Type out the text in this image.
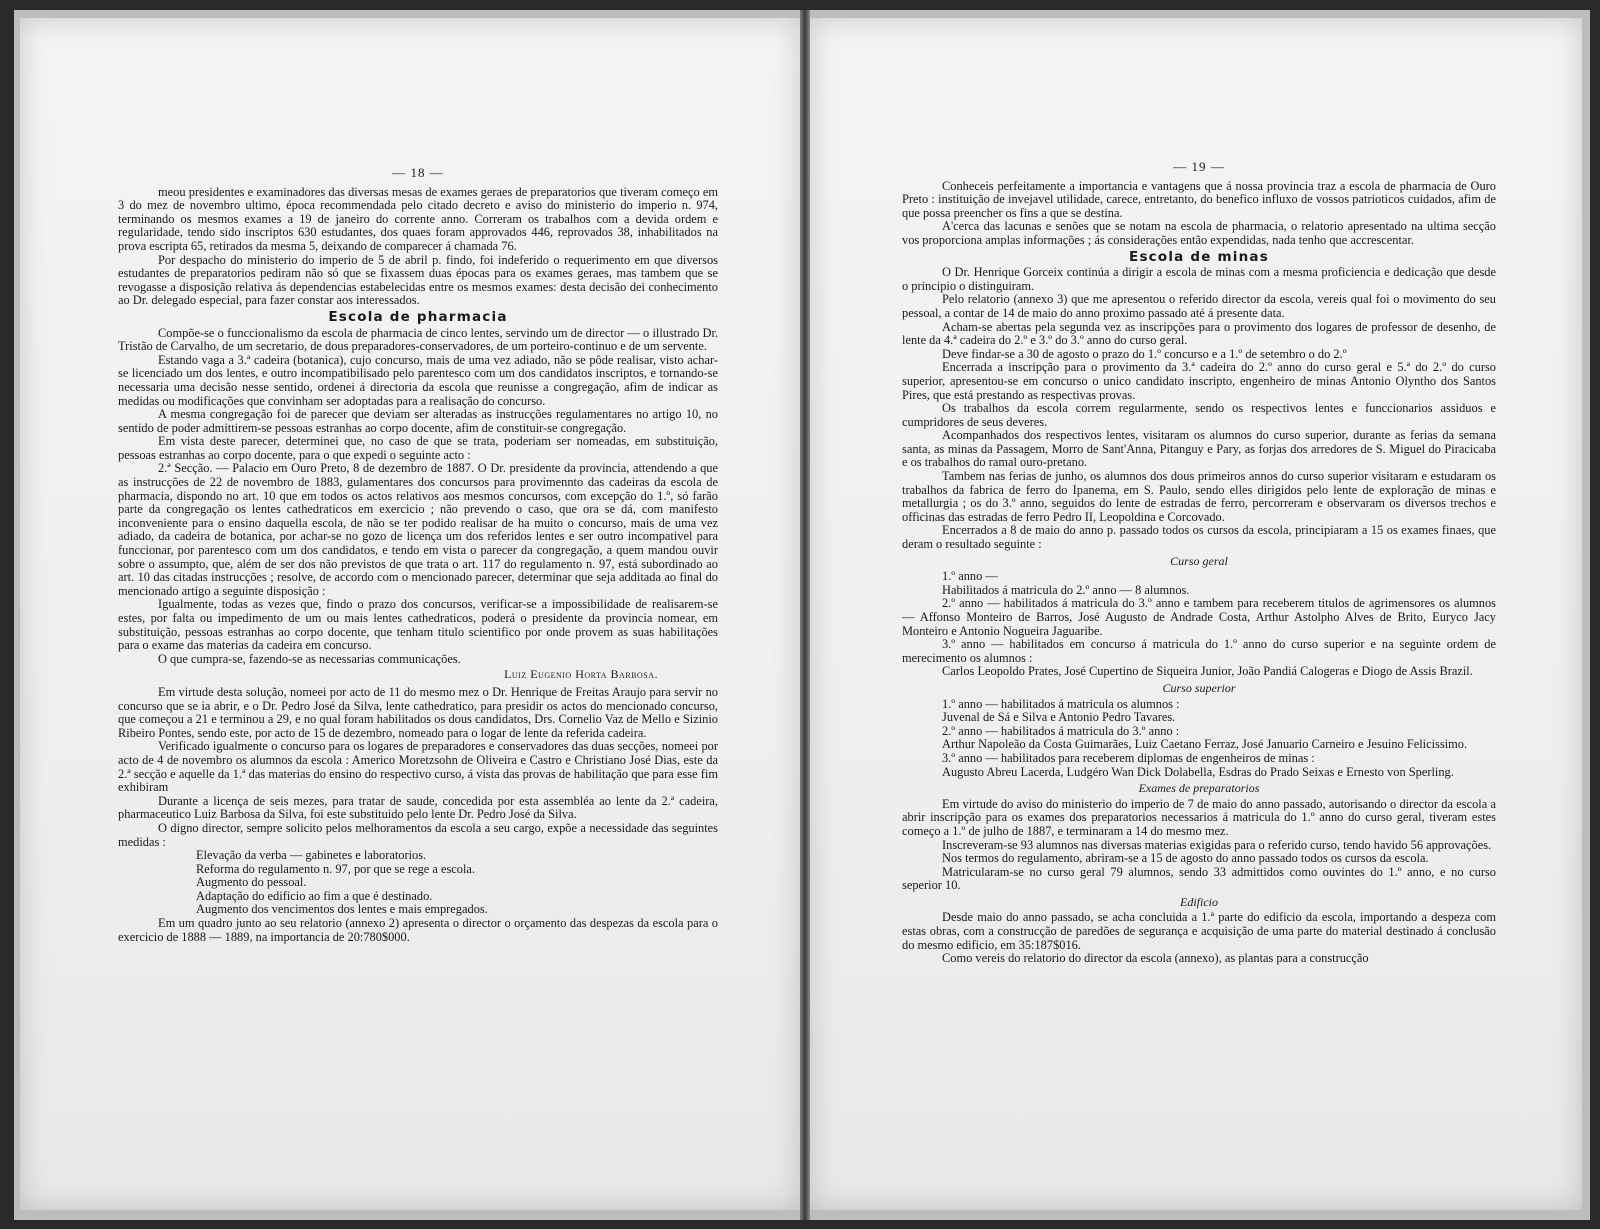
— 18 —

meou presidentes e examinadores das diversas mesas de exames geraes de preparatorios que tiveram começo em 3 do mez de novembro ultimo, época recommendada pelo citado decreto e aviso do ministerio do imperio n. 974, terminando os mesmos exames a 19 de janeiro do corrente anno. Correram os trabalhos com a devida ordem e regularidade, tendo sido inscriptos 630 estudantes, dos quaes foram approvados 446, reprovados 38, inhabilitados na prova escripta 65, retirados da mesma 5, deixando de comparecer á chamada 76.

Por despacho do ministerio do imperio de 5 de abril p. findo, foi indeferido o requerimento em que diversos estudantes de preparatorios pediram não só que se fixassem duas épocas para os exames geraes, mas tambem que se revogasse a disposição relativa ás dependencias estabelecidas entre os mesmos exames: desta decisão dei conhecimento ao Dr. delegado especial, para fazer constar aos interessados.

Escola de pharmacia

Compõe-se o funccionalismo da escola de pharmacia de cinco lentes, servindo um de director — o illustrado Dr. Tristão de Carvalho, de um secretario, de dous preparadores-conservadores, de um porteiro-continuo e de um servente.

Estando vaga a 3.ª cadeira (botanica), cujo concurso, mais de uma vez adiado, não se pôde realisar, visto achar-se licenciado um dos lentes, e outro incompatibilisado pelo parentesco com um dos candidatos inscriptos, e tornando-se necessaria uma decisão nesse sentido, ordenei á directoria da escola que reunisse a congregação, afim de indicar as medidas ou modificações que convinham ser adoptadas para a realisação do concurso.

A mesma congregação foi de parecer que deviam ser alteradas as instrucções regulamentares no artigo 10, no sentido de poder admittirem-se pessoas estranhas ao corpo docente, afim de constituir-se congregação.

Em vista deste parecer, determinei que, no caso de que se trata, poderiam ser nomeadas, em substituição, pessoas estranhas ao corpo docente, para o que expedi o seguinte acto :

2.ª Secção. — Palacio em Ouro Preto, 8 de dezembro de 1887. O Dr. presidente da provincia, attendendo a que as instrucções de 22 de novembro de 1883, gulamentares dos concursos para provimennto das cadeiras da escola de pharmacia, dispondo no art. 10 que em todos os actos relativos aos mesmos concursos, com excepção do 1.º, só farão parte da congregação os lentes cathedraticos em exercicio ; não prevendo o caso, que ora se dá, com manifesto inconveniente para o ensino daquella escola, de não se ter podido realisar de ha muito o concurso, mais de uma vez adiado, da cadeira de botanica, por achar-se no gozo de licença um dos referidos lentes e ser outro incompativel para funccionar, por parentesco com um dos candidatos, e tendo em vista o parecer da congregação, a quem mandou ouvir sobre o assumpto, que, além de ser dos não previstos de que trata o art. 117 do regulamento n. 97, está subordinado ao art. 10 das citadas instrucções ; resolve, de accordo com o mencionado parecer, determinar que seja additada ao final do mencionado artigo a seguinte disposição :

Igualmente, todas as vezes que, findo o prazo dos concursos, verificar-se a impossibilidade de realisarem-se estes, por falta ou impedimento de um ou mais lentes cathedraticos, poderá o presidente da provincia nomear, em substituição, pessoas estranhas ao corpo docente, que tenham titulo scientifico por onde provem as suas habilitações para o exame das materias da cadeira em concurso.

O que cumpra-se, fazendo-se as necessarias communicações.

Luiz Eugenio Horta Barbosa.

Em virtude desta solução, nomeei por acto de 11 do mesmo mez o Dr. Henrique de Freitas Araujo para servir no concurso que se ia abrir, e o Dr. Pedro José da Silva, lente cathedratico, para presidir os actos do mencionado concurso, que começou a 21 e terminou a 29, e no qual foram habilitados os dous candidatos, Drs. Cornelio Vaz de Mello e Sizinio Ribeiro Pontes, sendo este, por acto de 15 de dezembro, nomeado para o logar de lente da referida cadeira.

Verificado igualmente o concurso para os logares de preparadores e conservadores das duas secções, nomeei por acto de 4 de novembro os alumnos da escola : Americo Moretzsohn de Oliveira e Castro e Christiano José Dias, este da 2.ª secção e aquelle da 1.ª das materias do ensino do respectivo curso, á vista das provas de habilitação que para esse fim exhibiram

Durante a licença de seis mezes, para tratar de saude, concedida por esta assembléa ao lente da 2.ª cadeira, pharmaceutico Luiz Barbosa da Silva, foi este substituido pelo lente Dr. Pedro José da Silva.

O digno director, sempre solicito pelos melhoramentos da escola a seu cargo, expõe a necessidade das seguintes medidas :

Elevação da verba — gabinetes e laboratorios.

Reforma do regulamento n. 97, por que se rege a escola.

Augmento do pessoal.

Adaptação do edificio ao fim a que é destinado.

Augmento dos vencimentos dos lentes e mais empregados.

Em um quadro junto ao seu relatorio (annexo 2) apresenta o director o orçamento das despezas da escola para o exercicio de 1888 — 1889, na importancia de 20:780$000.

— 19 —

Conheceis perfeitamente a importancia e vantagens que á nossa provincia traz a escola de pharmacia de Ouro Preto : instituição de invejavel utilidade, carece, entretanto, do benefico influxo de vossos patrioticos cuidados, afim de que possa preencher os fins a que se destina.

A'cerca das lacunas e senões que se notam na escola de pharmacia, o relatorio apresentado na ultima secção vos proporciona amplas informações ; ás considerações então expendidas, nada tenho que accrescentar.

Escola de minas

O Dr. Henrique Gorceix continúa a dirigir a escola de minas com a mesma proficiencia e dedicação que desde o principio o distinguiram.

Pelo relatorio (annexo 3) que me apresentou o referido director da escola, vereis qual foi o movimento do seu pessoal, a contar de 14 de maio do anno proximo passado até á presente data.

Acham-se abertas pela segunda vez as inscripções para o provimento dos logares de professor de desenho, de lente da 4.ª cadeira do 2.º e 3.º do 3.º anno do curso geral.

Deve findar-se a 30 de agosto o prazo do 1.º concurso e a 1.º de setembro o do 2.º

Encerrada a inscripção para o provimento da 3.ª cadeira do 2.º anno do curso geral e 5.ª do 2.º do curso superior, apresentou-se em concurso o unico candidato inscripto, engenheiro de minas Antonio Olyntho dos Santos Pires, que está prestando as respectivas provas.

Os trabalhos da escola correm regularmente, sendo os respectivos lentes e funccionarios assiduos e cumpridores de seus deveres.

Acompanhados dos respectivos lentes, visitaram os alumnos do curso superior, durante as ferias da semana santa, as minas da Passagem, Morro de Sant'Anna, Pitanguy e Pary, as forjas dos arredores de S. Miguel do Piracicaba e os trabalhos do ramal ouro-pretano.

Tambem nas ferias de junho, os alumnos dos dous primeiros annos do curso superior visitaram e estudaram os trabalhos da fabrica de ferro do Ipanema, em S. Paulo, sendo elles dirigidos pelo lente de exploração de minas e metallurgia ; os do 3.º anno, seguidos do lente de estradas de ferro, percorreram e observaram os diversos trechos e officinas das estradas de ferro Pedro II, Leopoldina e Corcovado.

Encerrados a 8 de maio do anno p. passado todos os cursos da escola, principiaram a 15 os exames finaes, que deram o resultado seguinte :

Curso geral

1.º anno —

Habilitados á matricula do 2.º anno — 8 alumnos.

2.º anno — habilitados á matricula do 3.º anno e tambem para receberem titulos de agrimensores os alumnos — Affonso Monteiro de Barros, José Augusto de Andrade Costa, Arthur Astolpho Alves de Brito, Euryco Jacy Monteiro e Antonio Nogueira Jaguaribe.

3.º anno — habilitados em concurso á matricula do 1.º anno do curso superior e na seguinte ordem de merecimento os alumnos :

Carlos Leopoldo Prates, José Cupertino de Siqueira Junior, João Pandiá Calogeras e Diogo de Assis Brazil.

Curso superior

1.º anno — habilitados á matricula os alumnos :

Juvenal de Sá e Silva e Antonio Pedro Tavares.

2.º anno — habilitados á matricula do 3.º anno :

Arthur Napoleão da Costa Guimarães, Luiz Caetano Ferraz, José Januario Carneiro e Jesuino Felicissimo.

3.º anno — habilitados para receberem diplomas de engenheiros de minas :

Augusto Abreu Lacerda, Ludgéro Wan Dick Dolabella, Esdras do Prado Seixas e Ernesto von Sperling.

Exames de preparatorios

Em virtude do aviso do ministerio do imperio de 7 de maio do anno passado, autorisando o director da escola a abrir inscripção para os exames dos preparatorios necessarios á matricula do 1.º anno do curso geral, tiveram estes começo a 1.º de julho de 1887, e terminaram a 14 do mesmo mez.

Inscreveram-se 93 alumnos nas diversas materias exigidas para o referido curso, tendo havido 56 approvações.

Nos termos do regulamento, abriram-se a 15 de agosto do anno passado todos os cursos da escola.

Matricularam-se no curso geral 79 alumnos, sendo 33 admittidos como ouvintes do 1.º anno, e no curso seperior 10.

Edificio

Desde maio do anno passado, se acha concluida a 1.ª parte do edificio da escola, importando a despeza com estas obras, com a construcção de paredões de segurança e acquisição de uma parte do material destinado á conclusão do mesmo edificio, em 35:187$016.

Como vereis do relatorio do director da escola (annexo), as plantas para a construcção
